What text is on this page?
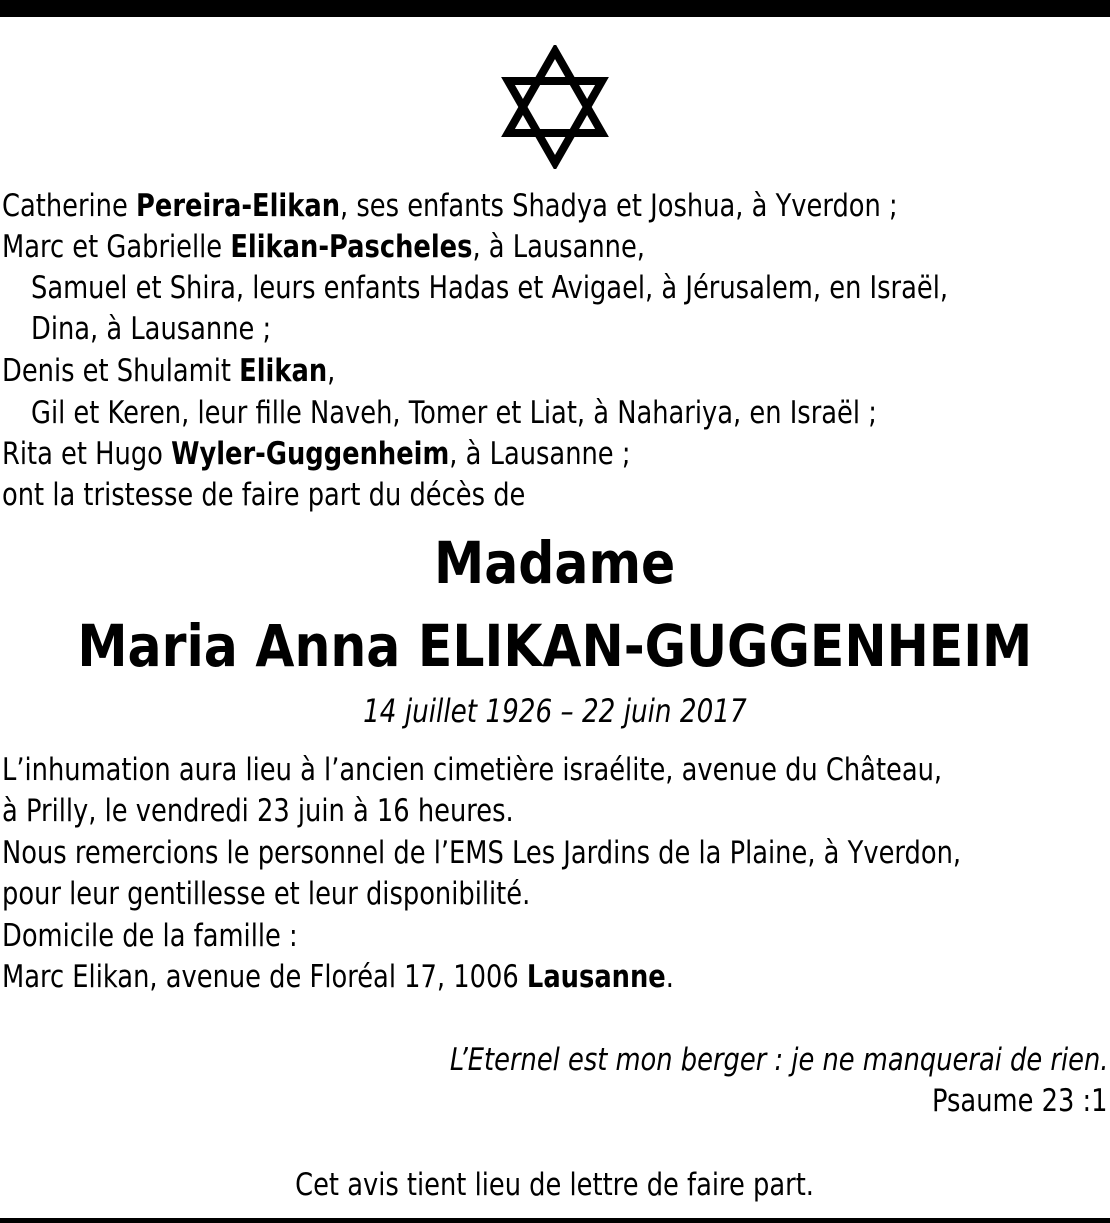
Catherine Pereira-Elikan, ses enfants Shadya et Joshua, à Yverdon ;
Marc et Gabrielle Elikan-Pascheles, à Lausanne,
Samuel et Shira, leurs enfants Hadas et Avigael, à Jérusalem, en Israël,
Dina, à Lausanne ;
Denis et Shulamit Elikan,
Gil et Keren, leur fille Naveh, Tomer et Liat, à Nahariya, en Israël ;
Rita et Hugo Wyler-Guggenheim, à Lausanne ;
ont la tristesse de faire part du décès de
Madame
Maria Anna ELIKAN-GUGGENHEIM
14 juillet 1926 – 22 juin 2017
L’inhumation aura lieu à l’ancien cimetière israélite, avenue du Château,
à Prilly, le vendredi 23 juin à 16 heures.
Nous remercions le personnel de l’EMS Les Jardins de la Plaine, à Yverdon,
pour leur gentillesse et leur disponibilité.
Domicile de la famille :
Marc Elikan, avenue de Floréal 17, 1006 Lausanne.
L’Eternel est mon berger : je ne manquerai de rien.
Psaume 23 :1
Cet avis tient lieu de lettre de faire part.
